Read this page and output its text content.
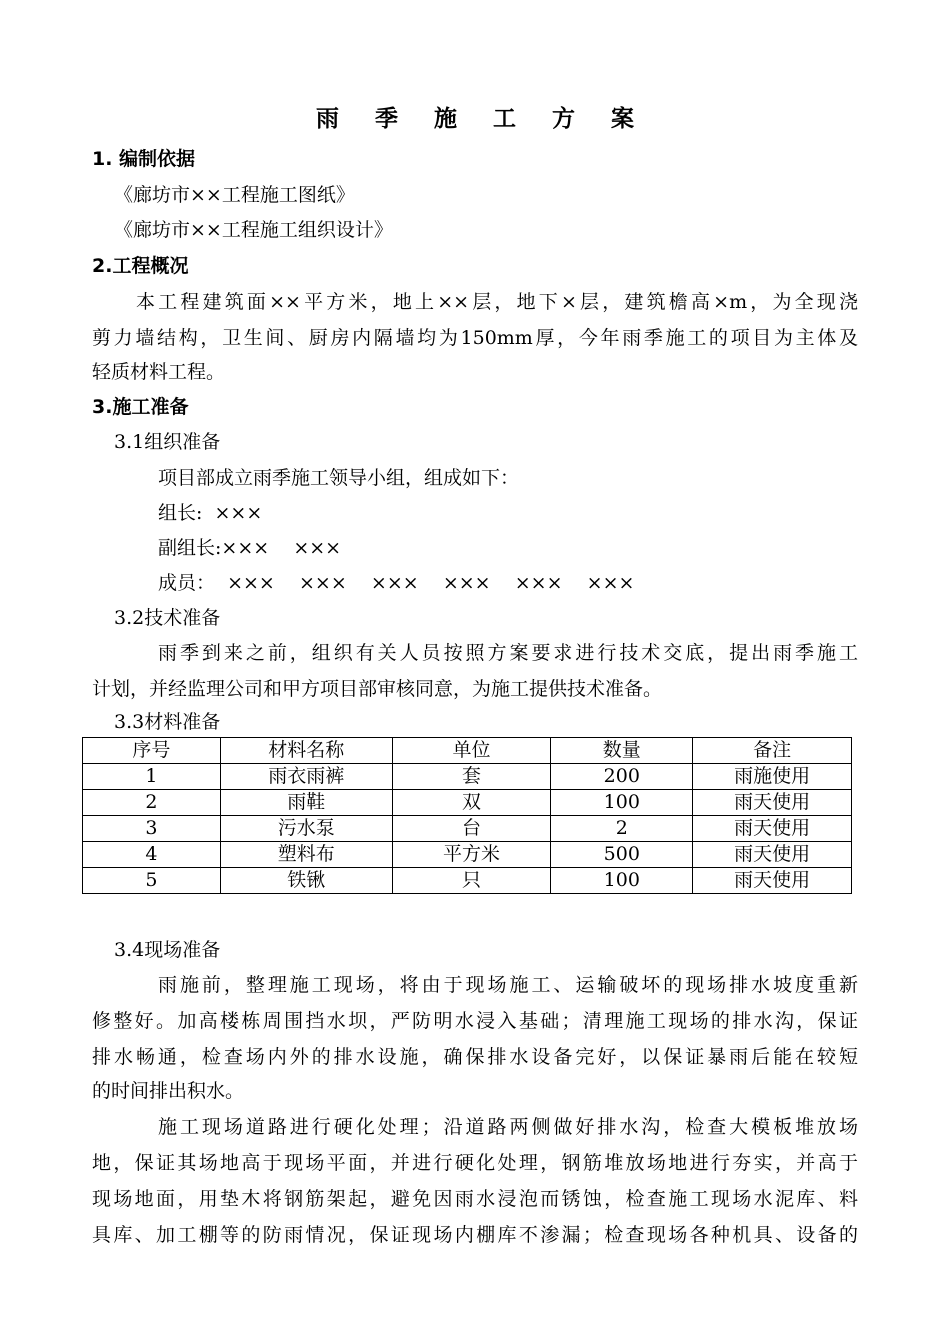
雨 季 施 工 方 案
1. 编制依据
《廊坊市××工程施工图纸》
《廊坊市××工程施工组织设计》
2.工程概况
本工程建筑面××平方米，地上××层，地下×层，建筑檐高×m，为全现浇
剪力墙结构，卫生间、厨房内隔墙均为150mm厚，今年雨季施工的项目为主体及
轻质材料工程。
3.施工准备
3.1组织准备
项目部成立雨季施工领导小组，组成如下：
组长:  ×××
副组长:×××    ×××
成员：  ×××    ×××    ×××    ×××    ×××    ×××
3.2技术准备
雨季到来之前，组织有关人员按照方案要求进行技术交底，提出雨季施工
计划，并经监理公司和甲方项目部审核同意，为施工提供技术准备。
3.3材料准备
序号	材料名称	单位	数量	备注
1	雨衣雨裤	套	200	雨施使用
2	雨鞋	双	100	雨天使用
3	污水泵	台	2	雨天使用
4	塑料布	平方米	500	雨天使用
5	铁锹	只	100	雨天使用
3.4现场准备
雨施前，整理施工现场，将由于现场施工、运输破坏的现场排水坡度重新
修整好。加高楼栋周围挡水坝，严防明水浸入基础；清理施工现场的排水沟，保证
排水畅通，检查场内外的排水设施，确保排水设备完好，以保证暴雨后能在较短
的时间排出积水。
施工现场道路进行硬化处理；沿道路两侧做好排水沟，检查大模板堆放场
地，保证其场地高于现场平面，并进行硬化处理，钢筋堆放场地进行夯实，并高于
现场地面，用垫木将钢筋架起，避免因雨水浸泡而锈蚀，检查施工现场水泥库、料
具库、加工棚等的防雨情况，保证现场内棚库不渗漏；检查现场各种机具、设备的
